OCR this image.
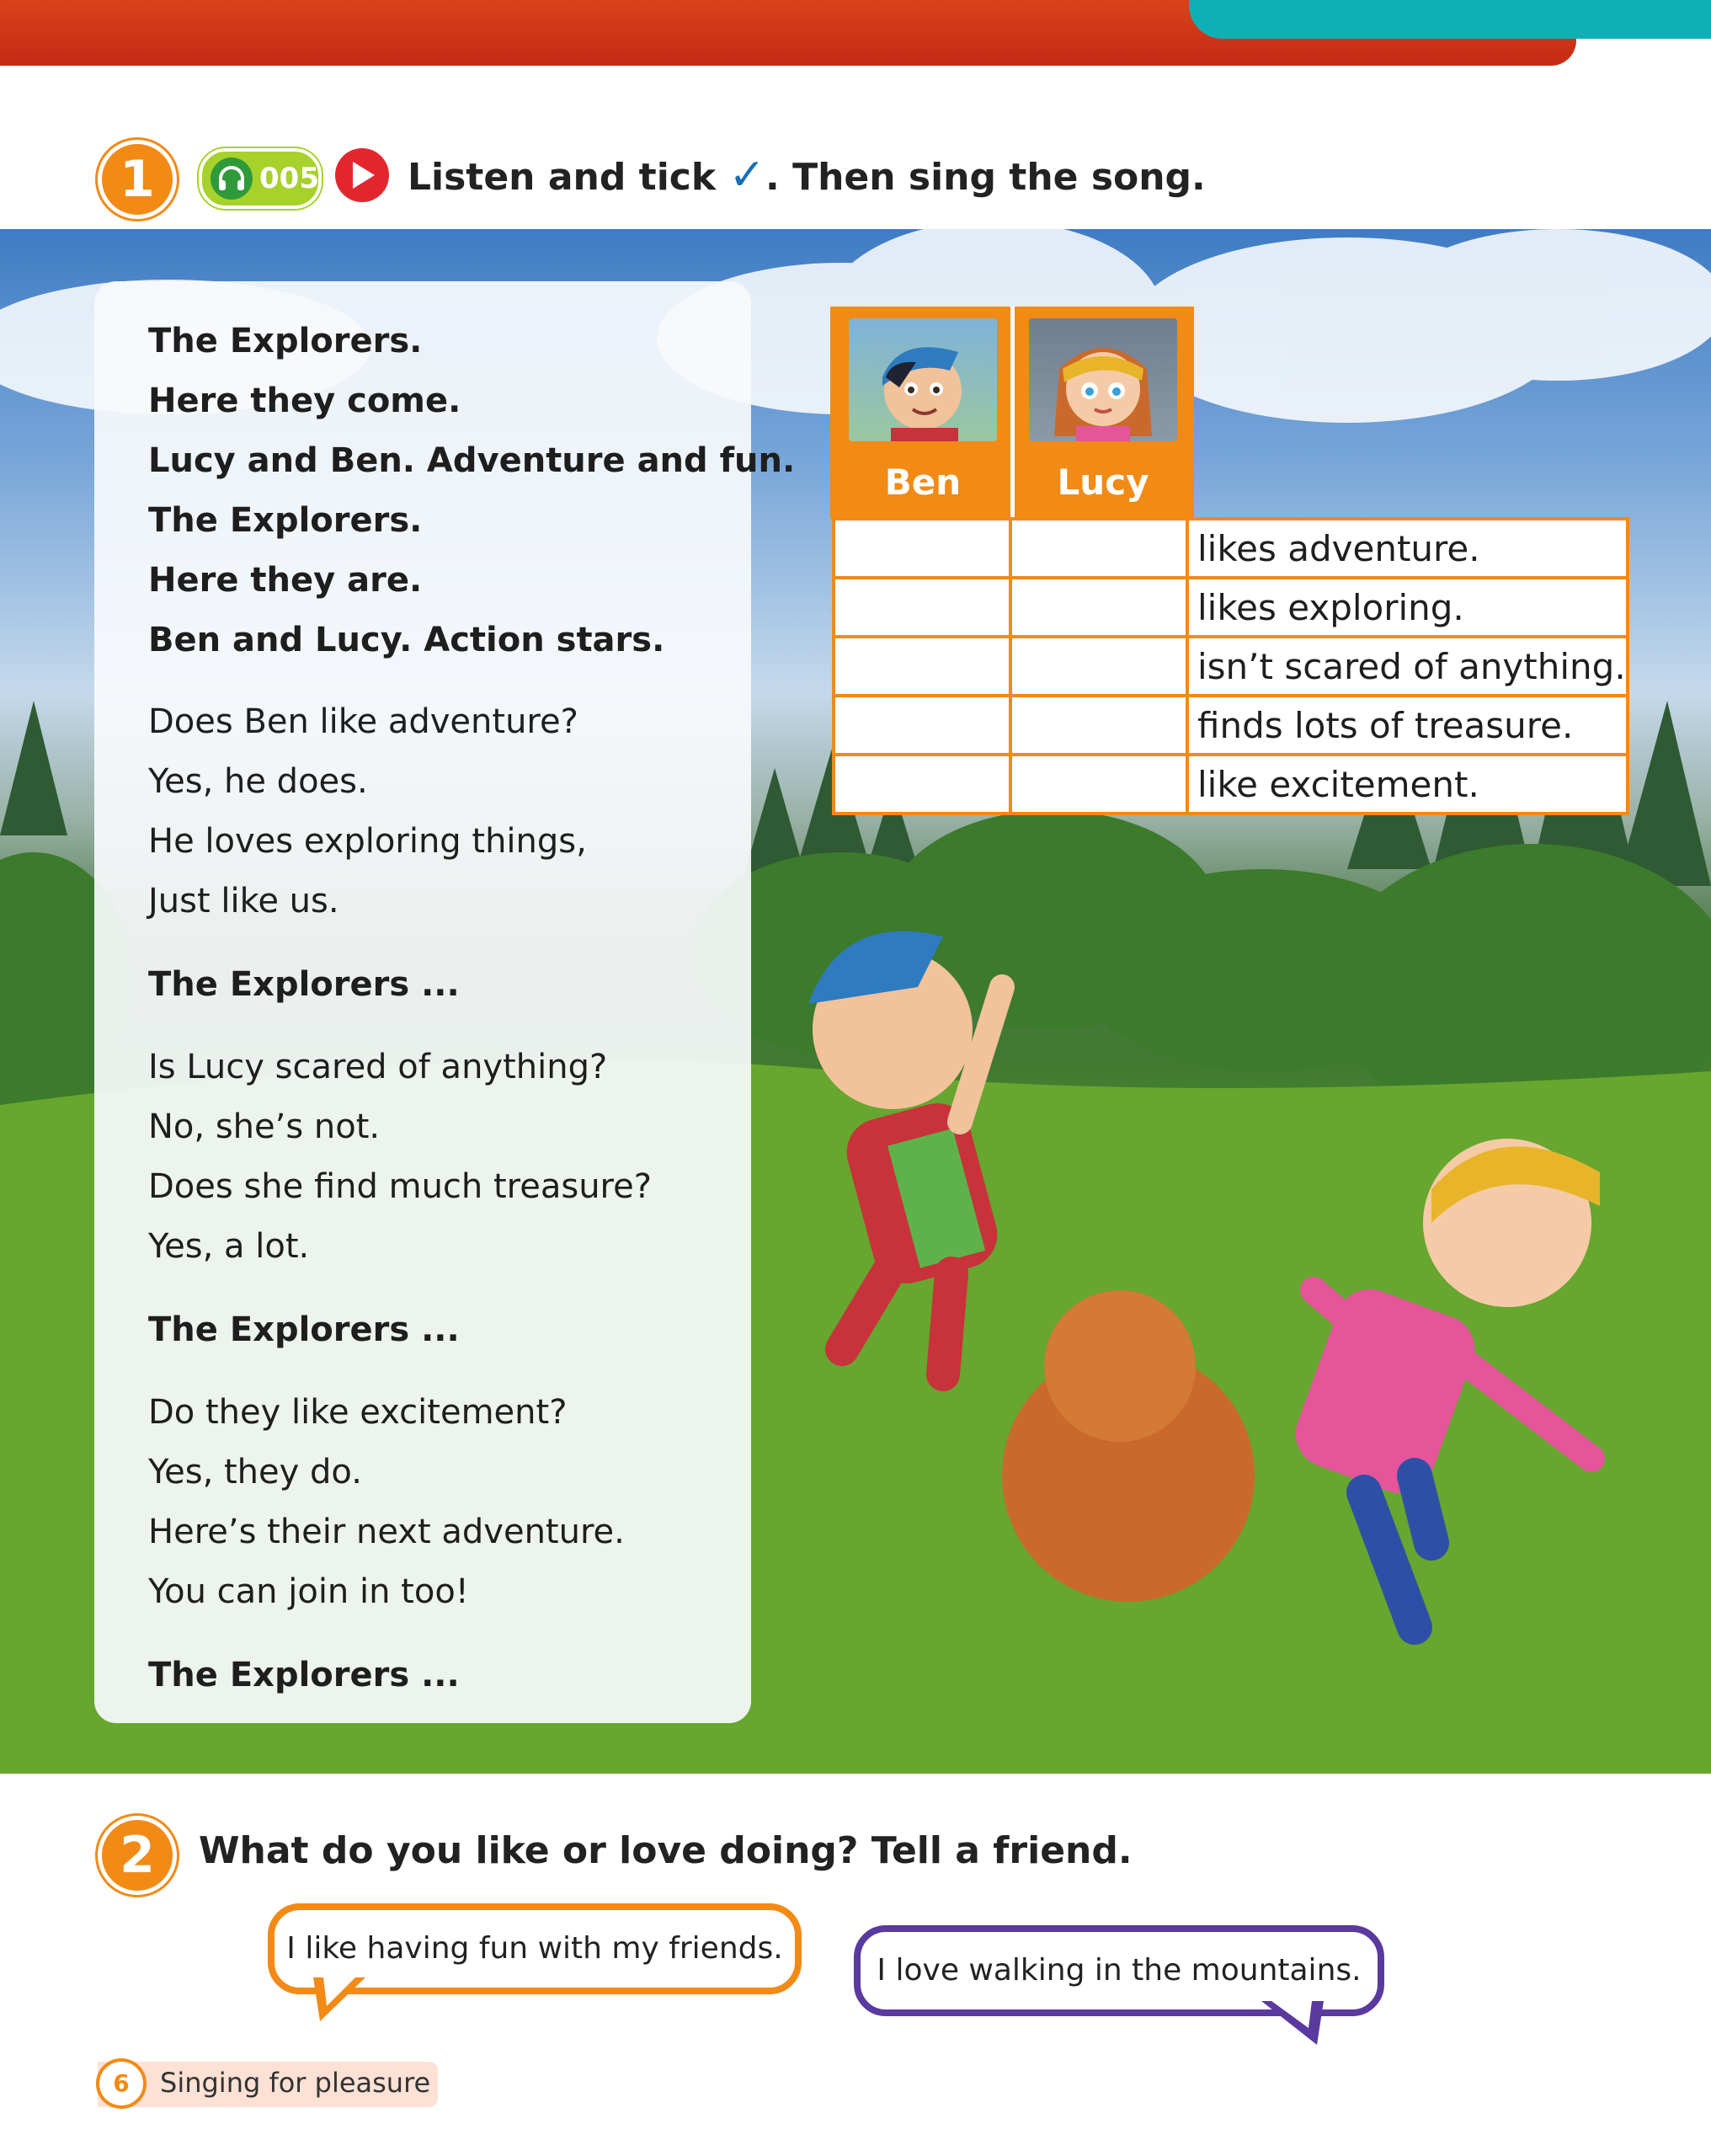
1	005 Listen and tick ✓. Then sing the song.
The Explorers.
Here they come.
Lucy and Ben. Adventure and fun.
The Explorers.
Here they are.
Ben and Lucy. Action stars.
Does Ben like adventure?
Yes, he does.
He loves exploring things,
Just like us.
The Explorers ...
Is Lucy scared of anything?
No, she’s not.
Does she find much treasure?
Yes, a lot.
The Explorers ...
Do they like excitement?
Yes, they do.
Here’s their next adventure.
You can join in too!
The Explorers ...
Ben	Lucy
		likes adventure.
		likes exploring.
		isn’t scared of anything.
		finds lots of treasure.
		like excitement.
2	What do you like or love doing? Tell a friend.
I like having fun with my friends.
I love walking in the mountains.
6	Singing for pleasure
